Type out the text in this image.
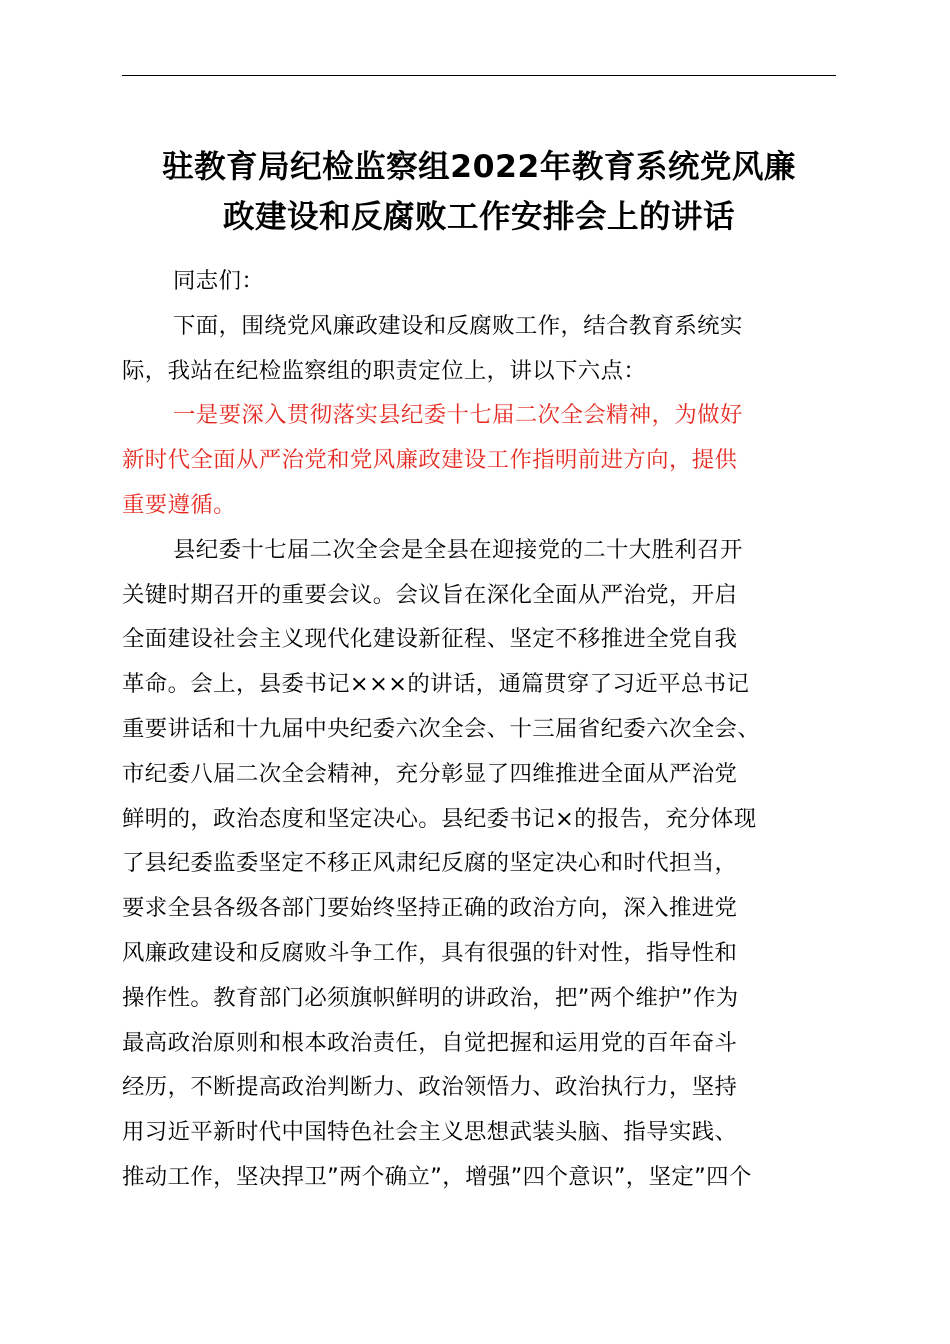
驻教育局纪检监察组2022年教育系统党风廉
政建设和反腐败工作安排会上的讲话
同志们：
下面，围绕党风廉政建设和反腐败工作，结合教育系统实
际，我站在纪检监察组的职责定位上，讲以下六点：
一是要深入贯彻落实县纪委十七届二次全会精神，为做好
新时代全面从严治党和党风廉政建设工作指明前进方向，提供
重要遵循。
县纪委十七届二次全会是全县在迎接党的二十大胜利召开
关键时期召开的重要会议。会议旨在深化全面从严治党，开启
全面建设社会主义现代化建设新征程、坚定不移推进全党自我
革命。会上，县委书记×××的讲话，通篇贯穿了习近平总书记
重要讲话和十九届中央纪委六次全会、十三届省纪委六次全会、
市纪委八届二次全会精神，充分彰显了四维推进全面从严治党
鲜明的，政治态度和坚定决心。县纪委书记×的报告，充分体现
了县纪委监委坚定不移正风肃纪反腐的坚定决心和时代担当，
要求全县各级各部门要始终坚持正确的政治方向，深入推进党
风廉政建设和反腐败斗争工作，具有很强的针对性，指导性和
操作性。教育部门必须旗帜鲜明的讲政治，把”两个维护”作为
最高政治原则和根本政治责任，自觉把握和运用党的百年奋斗
经历，不断提高政治判断力、政治领悟力、政治执行力，坚持
用习近平新时代中国特色社会主义思想武装头脑、指导实践、
推动工作，坚决捍卫”两个确立”，增强”四个意识”，坚定”四个
